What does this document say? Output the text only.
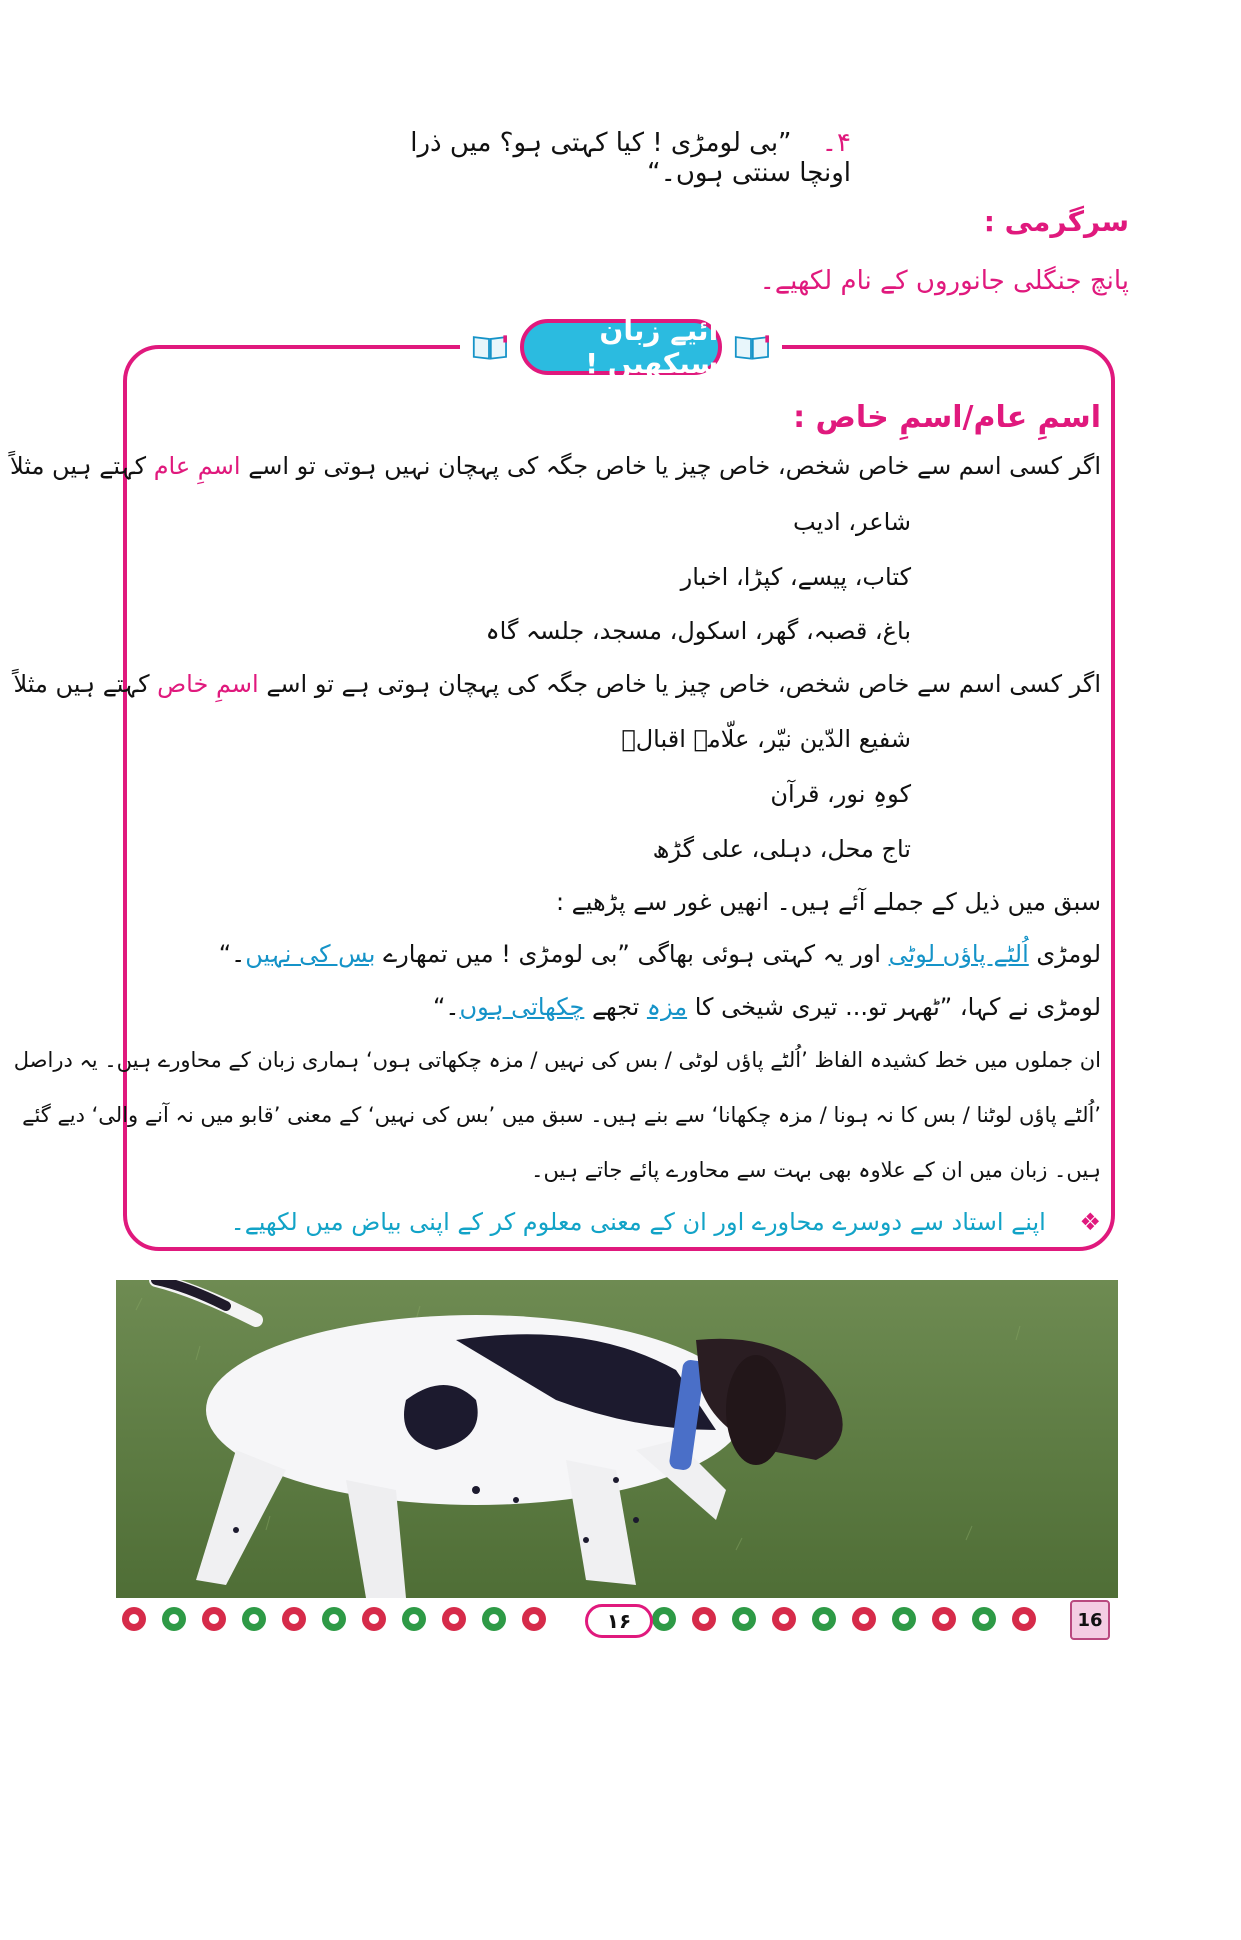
۴۔ ”بی لومڑی ! کیا کہتی ہو؟ میں ذرا اونچا سنتی ہوں۔“
سرگرمی :
پانچ جنگلی جانوروں کے نام لکھیے۔
آئیے زبان سیکھیں !
اسمِ عام/اسمِ خاص :
اگر کسی اسم سے خاص شخص، خاص چیز یا خاص جگہ کی پہچان نہیں ہوتی تو اسے اسمِ عام کہتے ہیں مثلاً
شاعر، ادیب
کتاب، پیسے، کپڑا، اخبار
باغ، قصبہ، گھر، اسکول، مسجد، جلسہ گاہ
اگر کسی اسم سے خاص شخص، خاص چیز یا خاص جگہ کی پہچان ہوتی ہے تو اسے اسمِ خاص کہتے ہیں مثلاً
شفیع الدّین نیّر، علّامہ اقبالؔ
کوہِ نور، قرآن
تاج محل، دہلی، علی گڑھ
سبق میں ذیل کے جملے آئے ہیں۔ انھیں غور سے پڑھیے :
لومڑی اُلٹے پاؤں لوٹی اور یہ کہتی ہوئی بھاگی ”بی لومڑی ! میں تمھارے بس کی نہیں۔“
لومڑی نے کہا، ”ٹھہر تو... تیری شیخی کا مزہ تجھے چکھاتی ہوں۔“
ان جملوں میں خط کشیدہ الفاظ ’اُلٹے پاؤں لوٹی / بس کی نہیں / مزہ چکھاتی ہوں‘ ہماری زبان کے محاورے ہیں۔ یہ دراصل
’اُلٹے پاؤں لوٹنا / بس کا نہ ہونا / مزہ چکھانا‘ سے بنے ہیں۔ سبق میں ’بس کی نہیں‘ کے معنی ’قابو میں نہ آنے والی‘ دیے گئے
ہیں۔ زبان میں ان کے علاوہ بھی بہت سے محاورے پائے جاتے ہیں۔
❖ اپنے استاد سے دوسرے محاورے اور ان کے معنی معلوم کر کے اپنی بیاض میں لکھیے۔
۱۶	16
